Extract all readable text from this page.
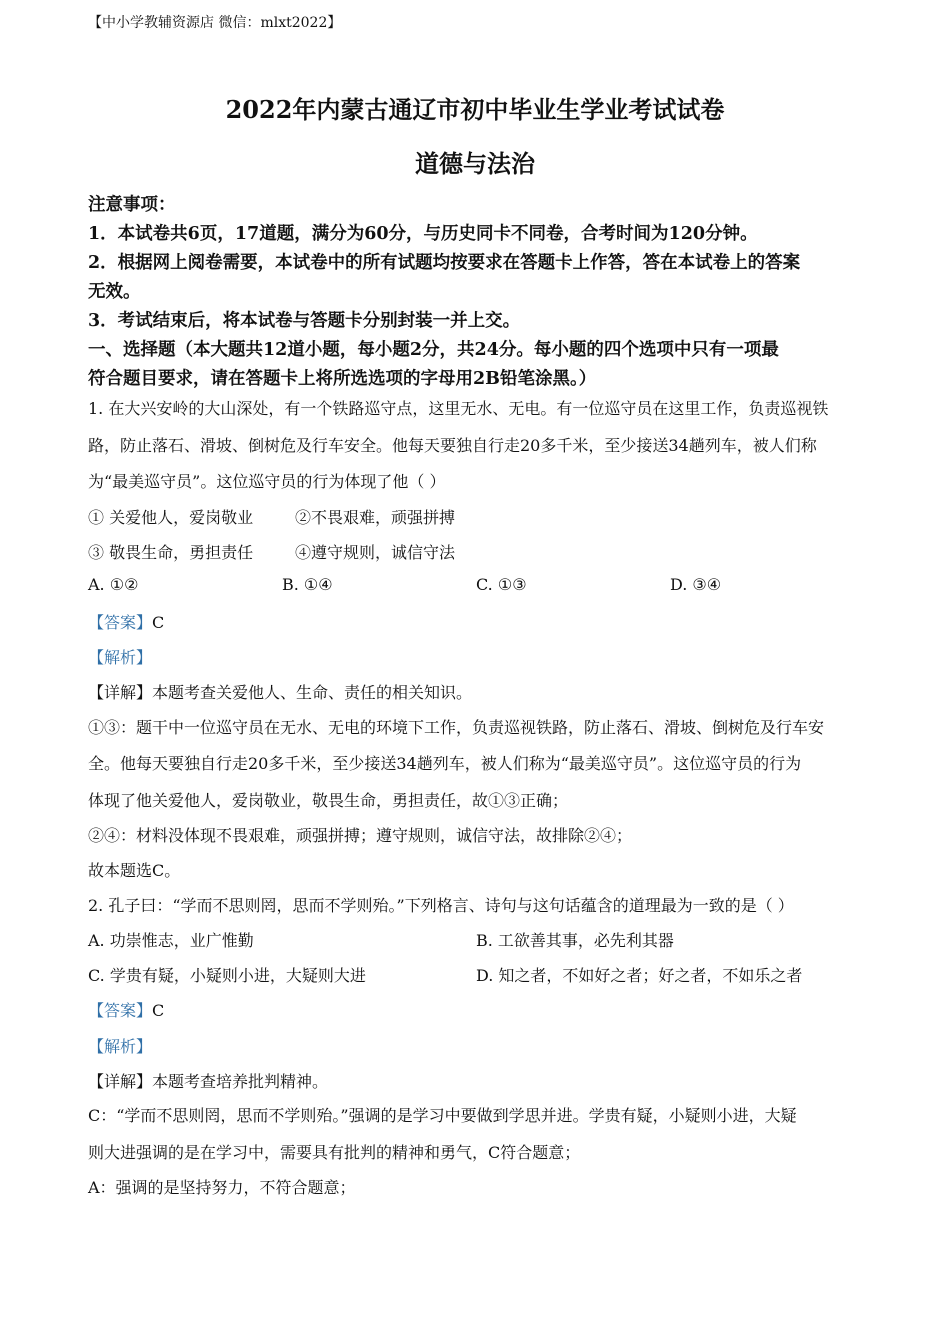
【中小学教辅资源店 微信：mlxt2022】
2022年内蒙古通辽市初中毕业生学业考试试卷
道德与法治
注意事项：
1．本试卷共6页，17道题，满分为60分，与历史同卡不同卷，合考时间为120分钟。
2．根据网上阅卷需要，本试卷中的所有试题均按要求在答题卡上作答，答在本试卷上的答案
无效。
3．考试结束后，将本试卷与答题卡分别封装一并上交。
一、选择题（本大题共12道小题，每小题2分，共24分。每小题的四个选项中只有一项最
符合题目要求，请在答题卡上将所选选项的字母用2B铅笔涂黑。）
1. 在大兴安岭的大山深处，有一个铁路巡守点，这里无水、无电。有一位巡守员在这里工作，负责巡视铁
路，防止落石、滑坡、倒树危及行车安全。他每天要独自行走20多千米，至少接送34趟列车，被人们称
为“最美巡守员”。这位巡守员的行为体现了他（ ）
① 关爱他人，爱岗敬业	②不畏艰难，顽强拼搏
③ 敬畏生命，勇担责任	④遵守规则，诚信守法
A. ①②	B. ①④	C. ①③	D. ③④
【答案】C
【解析】
【详解】本题考查关爱他人、生命、责任的相关知识。
①③：题干中一位巡守员在无水、无电的环境下工作，负责巡视铁路，防止落石、滑坡、倒树危及行车安
全。他每天要独自行走20多千米，至少接送34趟列车，被人们称为“最美巡守员”。这位巡守员的行为
体现了他关爱他人，爱岗敬业，敬畏生命，勇担责任，故①③正确；
②④：材料没体现不畏艰难，顽强拼搏；遵守规则，诚信守法，故排除②④；
故本题选C。
2. 孔子曰：“学而不思则罔，思而不学则殆。”下列格言、诗句与这句话蕴含的道理最为一致的是（ ）
A. 功崇惟志，业广惟勤	B. 工欲善其事，必先利其器
C. 学贵有疑，小疑则小进，大疑则大进	D. 知之者，不如好之者；好之者，不如乐之者
【答案】C
【解析】
【详解】本题考查培养批判精神。
C：“学而不思则罔，思而不学则殆。”强调的是学习中要做到学思并进。学贵有疑，小疑则小进，大疑
则大进强调的是在学习中，需要具有批判的精神和勇气，C符合题意；
A：强调的是坚持努力，不符合题意；
